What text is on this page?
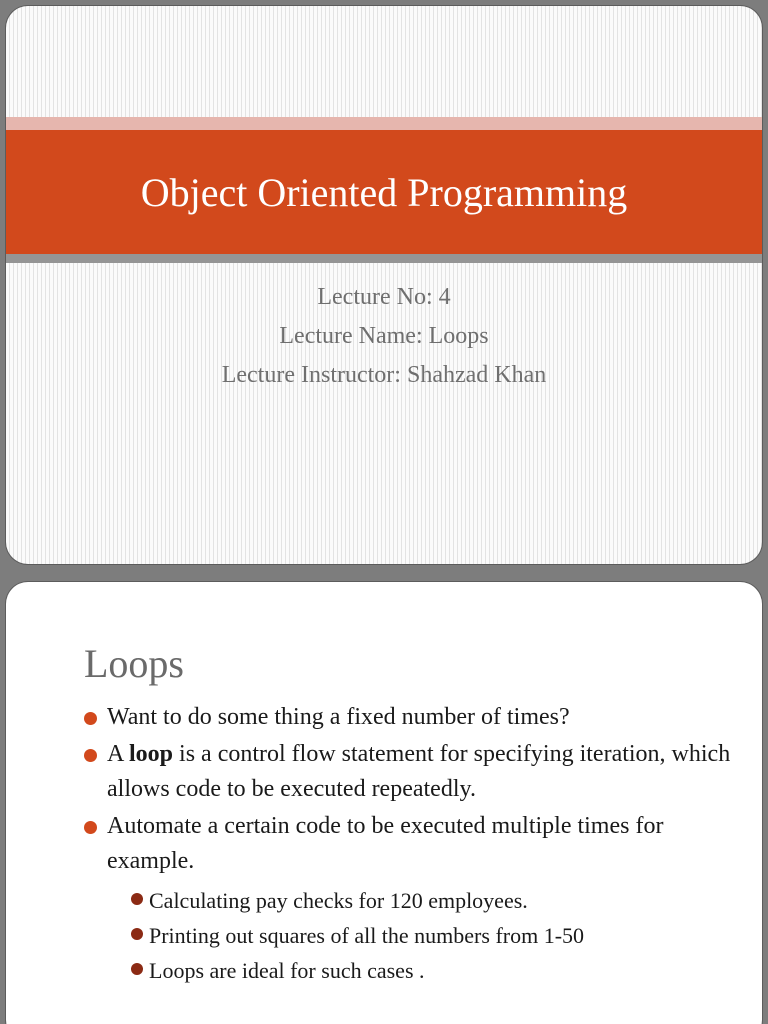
Object Oriented Programming
Lecture No: 4
Lecture Name: Loops
Lecture Instructor: Shahzad Khan
Loops
Want to do some thing a fixed number of times?
A loop is a control flow statement for specifying iteration, which allows code to be executed repeatedly.
Automate a certain code to be executed multiple times for example.
Calculating pay checks for 120 employees.
Printing out squares of all the numbers from 1-50
Loops are ideal for such cases .
